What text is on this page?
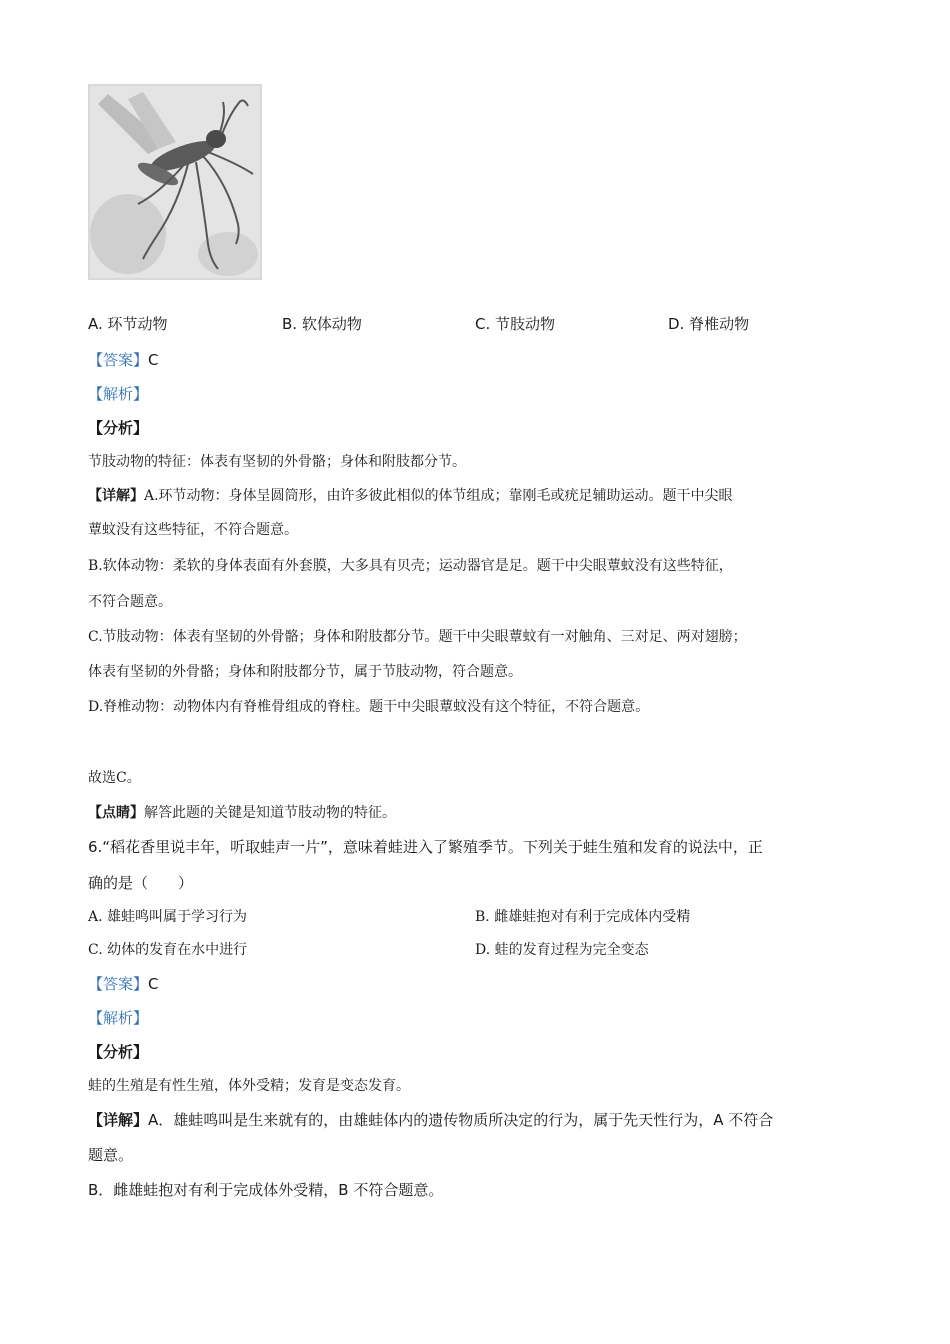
A. 环节动物	B. 软体动物	C. 节肢动物	D. 脊椎动物
【答案】C
【解析】
【分析】
节肢动物的特征：体表有坚韧的外骨骼；身体和附肢都分节。
【详解】A.环节动物：身体呈圆筒形，由许多彼此相似的体节组成；靠刚毛或疣足辅助运动。题干中尖眼
蕈蚊没有这些特征，不符合题意。
B.软体动物：柔软的身体表面有外套膜，大多具有贝壳；运动器官是足。题干中尖眼蕈蚊没有这些特征，
不符合题意。
C.节肢动物：体表有坚韧的外骨骼；身体和附肢都分节。题干中尖眼蕈蚊有一对触角、三对足、两对翅膀；
体表有坚韧的外骨骼；身体和附肢都分节，属于节肢动物，符合题意。
D.脊椎动物：动物体内有脊椎骨组成的脊柱。题干中尖眼蕈蚊没有这个特征，不符合题意。
故选C。
【点睛】解答此题的关键是知道节肢动物的特征。
6.“稻花香里说丰年，听取蛙声一片”，意味着蛙进入了繁殖季节。下列关于蛙生殖和发育的说法中，正
确的是（　　）
A. 雄蛙鸣叫属于学习行为	B. 雌雄蛙抱对有利于完成体内受精
C. 幼体的发育在水中进行	D. 蛙的发育过程为完全变态
【答案】C
【解析】
【分析】
蛙的生殖是有性生殖，体外受精；发育是变态发育。
【详解】A．雄蛙鸣叫是生来就有的，由雄蛙体内的遗传物质所决定的行为，属于先天性行为，A 不符合
题意。
B．雌雄蛙抱对有利于完成体外受精，B 不符合题意。
